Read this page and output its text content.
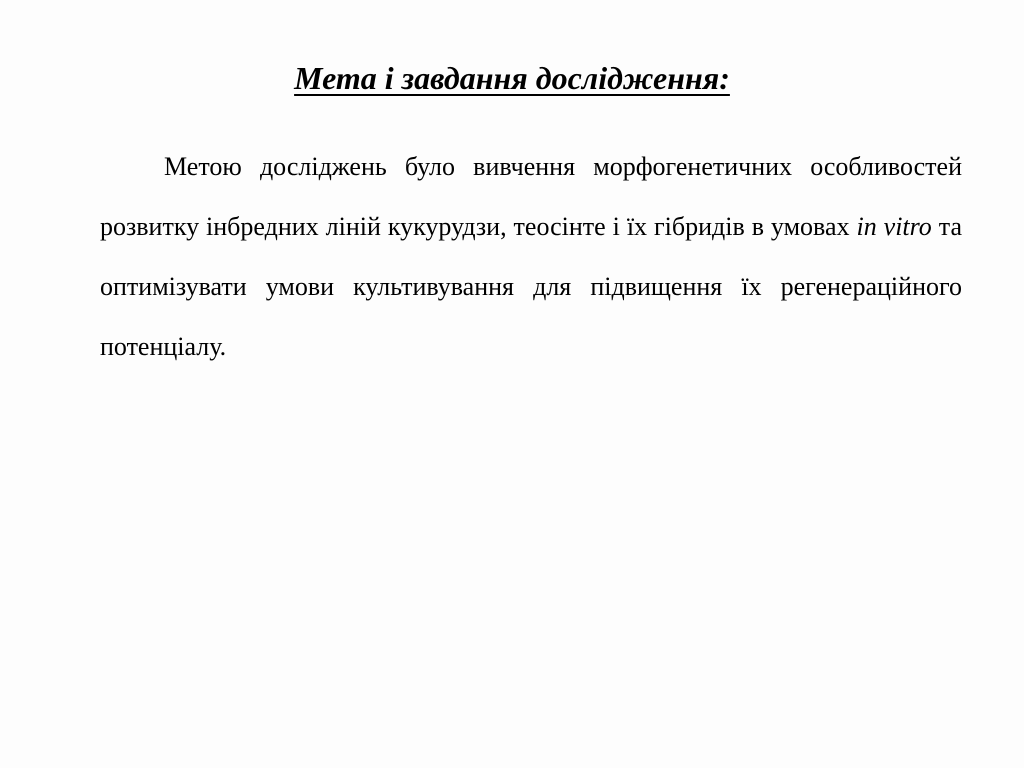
Мета і завдання дослідження:

Метою досліджень було вивчення морфогенетичних особливостей розвитку інбредних ліній кукурудзи, теосінте і їх гібридів в умовах in vitro та оптимізувати умови культивування для підвищення їх регенераційного потенціалу.
